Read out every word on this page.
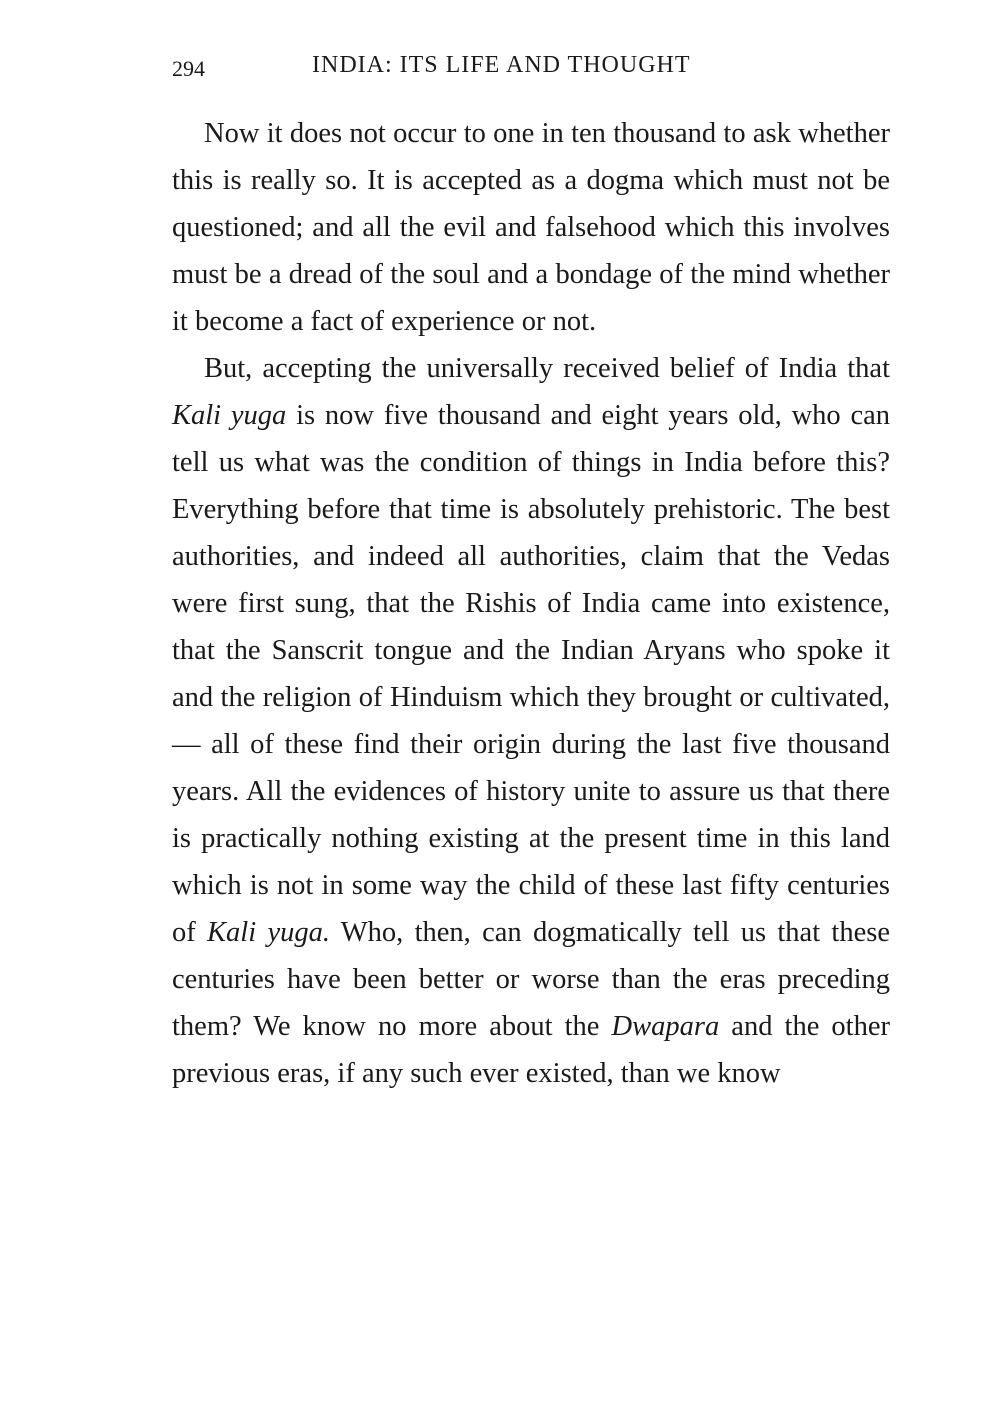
294	INDIA: ITS LIFE AND THOUGHT

Now it does not occur to one in ten thousand to ask whether this is really so. It is accepted as a dogma which must not be questioned; and all the evil and falsehood which this involves must be a dread of the soul and a bondage of the mind whether it become a fact of experience or not.

But, accepting the universally received belief of India that Kali yuga is now five thousand and eight years old, who can tell us what was the condition of things in India before this? Everything before that time is absolutely prehistoric. The best authorities, and indeed all authorities, claim that the Vedas were first sung, that the Rishis of India came into existence, that the Sanscrit tongue and the Indian Aryans who spoke it and the religion of Hinduism which they brought or cultivated, — all of these find their origin during the last five thousand years. All the evidences of history unite to assure us that there is practically nothing existing at the present time in this land which is not in some way the child of these last fifty centuries of Kali yuga. Who, then, can dogmatically tell us that these centuries have been better or worse than the eras preceding them? We know no more about the Dwapara and the other previous eras, if any such ever existed, than we know
